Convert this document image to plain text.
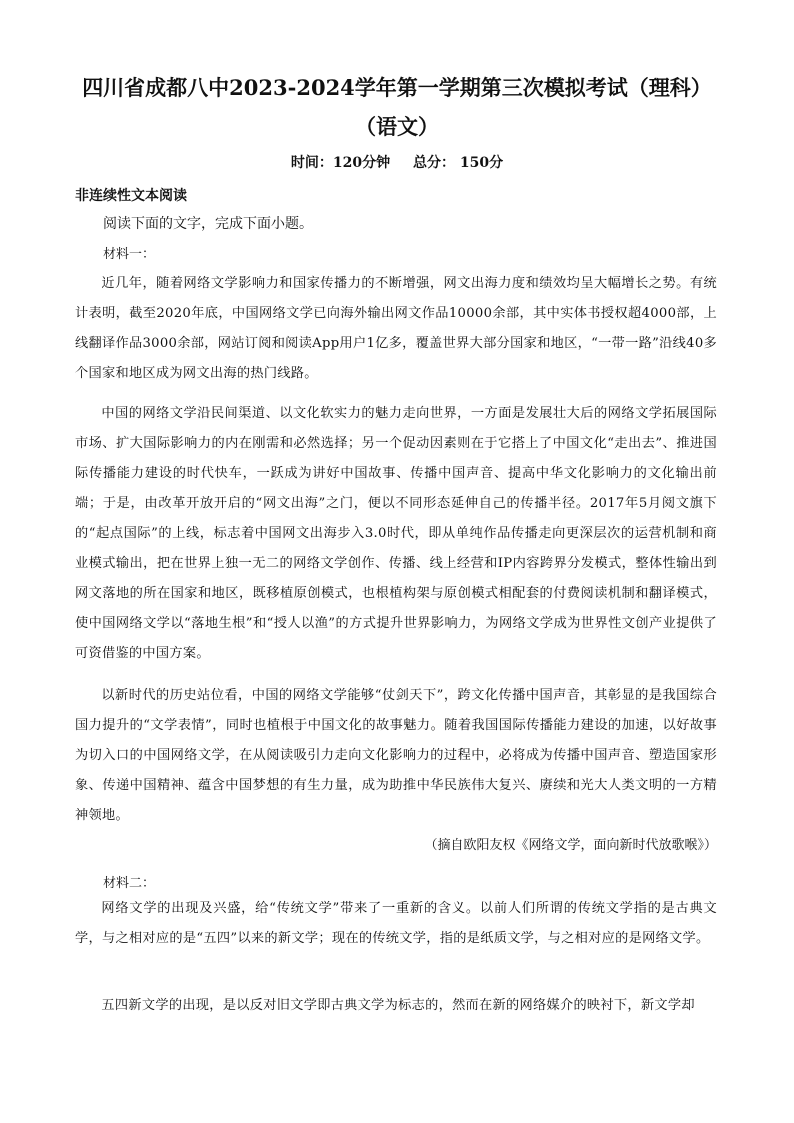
四川省成都八中2023-2024学年第一学期第三次模拟考试（理科）
（语文）
时间：120分钟 总分： 150分
非连续性文本阅读
阅读下面的文字，完成下面小题。
材料一：

近几年，随着网络文学影响力和国家传播力的不断增强，网文出海力度和绩效均呈大幅增长之势。有统计表明，截至2020年底，中国网络文学已向海外输出网文作品10000余部，其中实体书授权超4000部，上线翻译作品3000余部，网站订阅和阅读App用户1亿多，覆盖世界大部分国家和地区，“一带一路”沿线40多个国家和地区成为网文出海的热门线路。

中国的网络文学沿民间渠道、以文化软实力的魅力走向世界，一方面是发展壮大后的网络文学拓展国际市场、扩大国际影响力的内在刚需和必然选择；另一个促动因素则在于它搭上了中国文化“走出去”、推进国际传播能力建设的时代快车，一跃成为讲好中国故事、传播中国声音、提高中华文化影响力的文化输出前端；于是，由改革开放开启的“网文出海”之门，便以不同形态延伸自己的传播半径。2017年5月阅文旗下的“起点国际”的上线，标志着中国网文出海步入3.0时代，即从单纯作品传播走向更深层次的运营机制和商业模式输出，把在世界上独一无二的网络文学创作、传播、线上经营和IP内容跨界分发模式，整体性输出到网文落地的所在国家和地区，既移植原创模式，也根植构架与原创模式相配套的付费阅读机制和翻译模式，使中国网络文学以“落地生根”和“授人以渔”的方式提升世界影响力，为网络文学成为世界性文创产业提供了可资借鉴的中国方案。

以新时代的历史站位看，中国的网络文学能够“仗剑天下”，跨文化传播中国声音，其彰显的是我国综合国力提升的“文学表情”，同时也植根于中国文化的故事魅力。随着我国国际传播能力建设的加速，以好故事为切入口的中国网络文学，在从阅读吸引力走向文化影响力的过程中，必将成为传播中国声音、塑造国家形象、传递中国精神、蕴含中国梦想的有生力量，成为助推中华民族伟大复兴、赓续和光大人类文明的一方精神领地。

（摘自欧阳友权《网络文学，面向新时代放歌喉》）
材料二：

网络文学的出现及兴盛，给“传统文学”带来了一重新的含义。以前人们所谓的传统文学指的是古典文学，与之相对应的是“五四”以来的新文学；现在的传统文学，指的是纸质文学，与之相对应的是网络文学。

五四新文学的出现，是以反对旧文学即古典文学为标志的，然而在新的网络媒介的映衬下，新文学却
